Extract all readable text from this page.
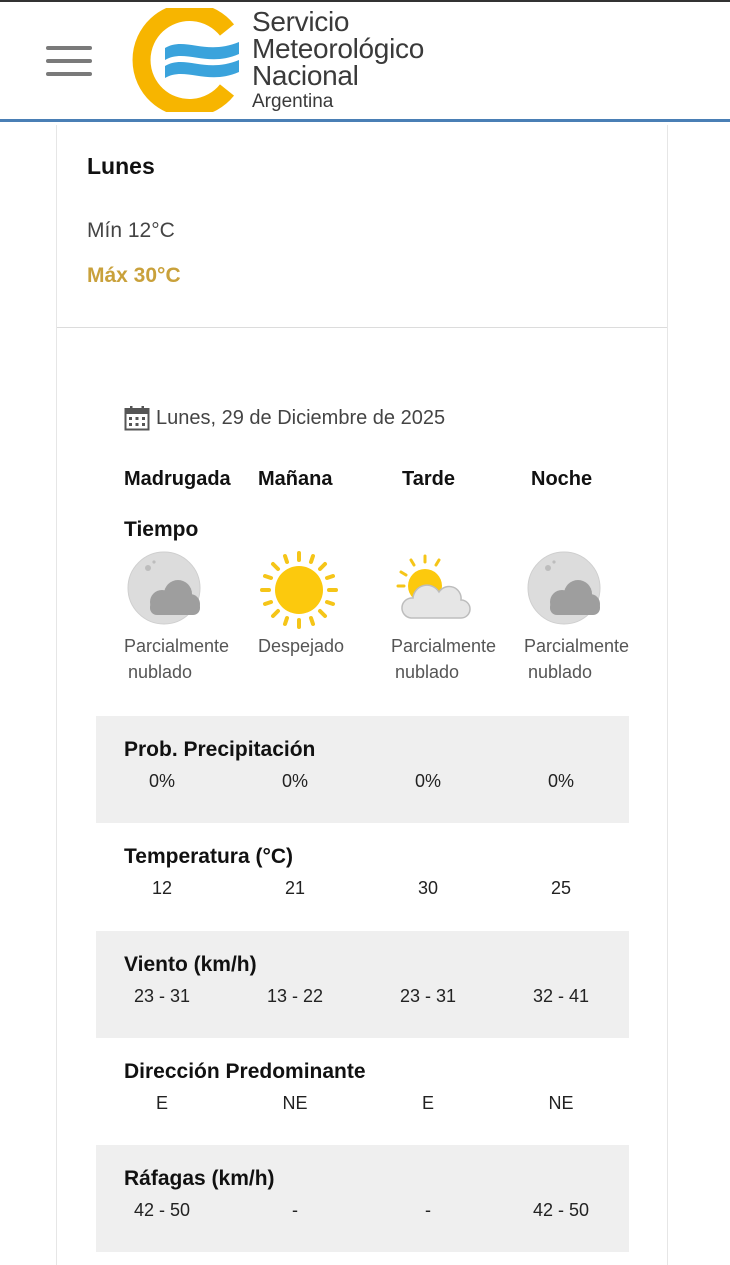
Servicio
Meteorológico
Nacional
Argentina
Lunes
Mín 12°C
Máx 30°C
Lunes, 29 de Diciembre de 2025
Madrugada Mañana	Tarde	Noche
Tiempo
Parcialmente
nublado
Despejado	Parcialmente
nublado
Parcialmente
nublado
Prob. Precipitación
0%	0%	0%	0%
Temperatura (°C)
12	21	30	25
Viento (km/h)
23 - 31	13 - 22	23 - 31	32 - 41
Dirección Predominante
E	NE	E	NE
Ráfagas (km/h)
42 - 50	-	-	42 - 50
